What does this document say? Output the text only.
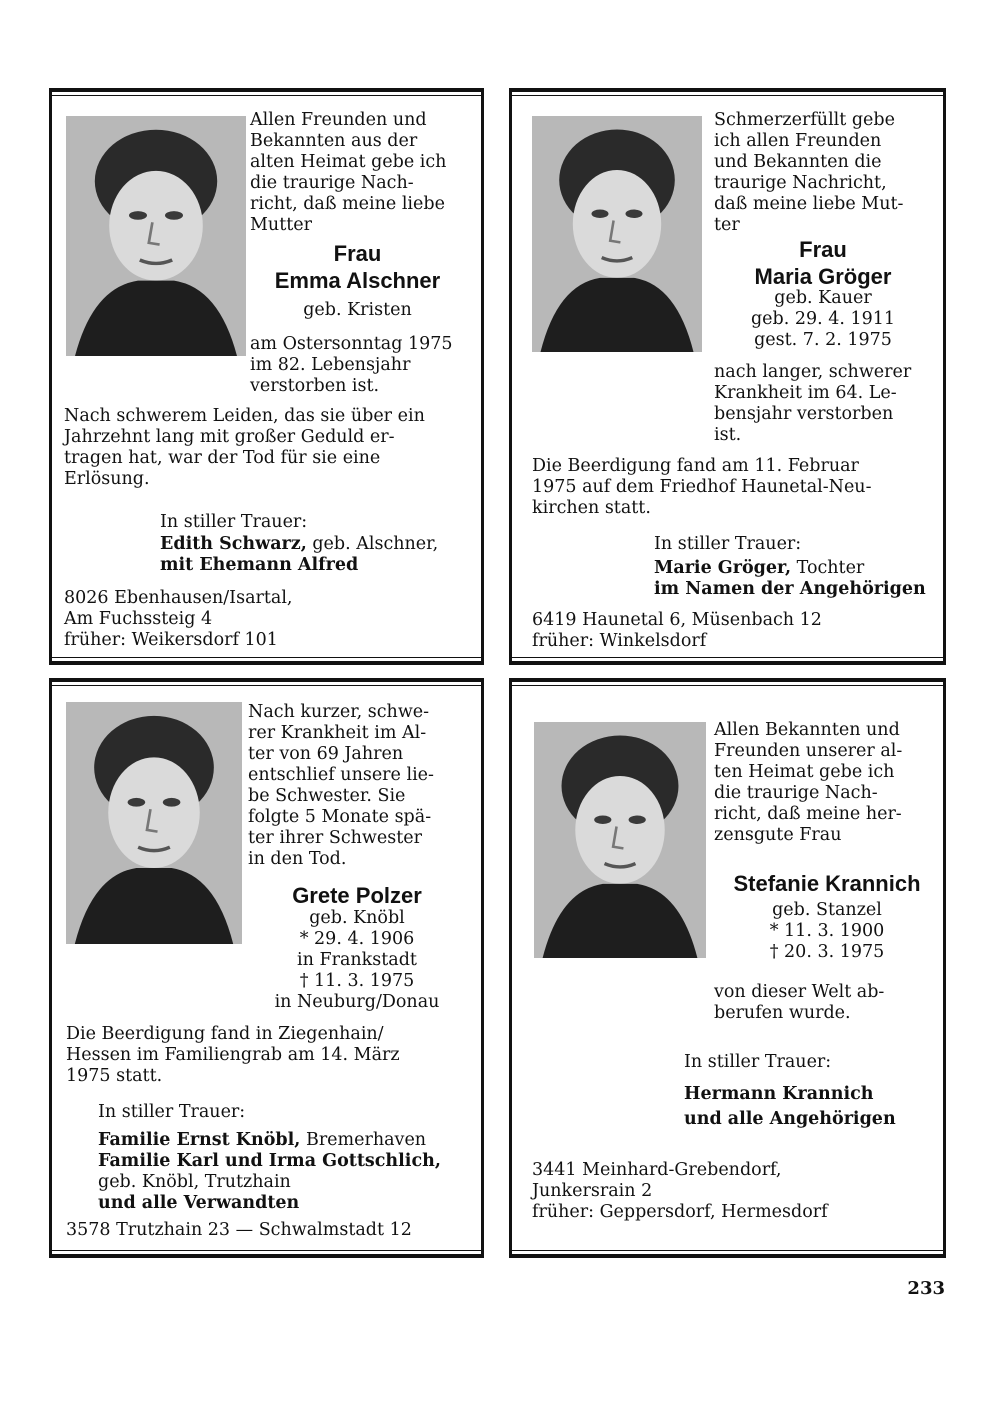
Allen Freunden und
Bekannten aus der
alten Heimat gebe ich
die traurige Nach-
richt, daß meine liebe
Mutter
Frau
Emma Alschner
geb. Kristen
am Ostersonntag 1975
im 82. Lebensjahr
verstorben ist.
Nach schwerem Leiden, das sie über ein
Jahrzehnt lang mit großer Geduld er-
tragen hat, war der Tod für sie eine
Erlösung.
In stiller Trauer:
Edith Schwarz, geb. Alschner,
mit Ehemann Alfred
8026 Ebenhausen/Isartal,
Am Fuchssteig 4
früher: Weikersdorf 101
Schmerzerfüllt gebe
ich allen Freunden
und Bekannten die
traurige Nachricht,
daß meine liebe Mut-
ter
Frau
Maria Gröger
geb. Kauer
geb. 29. 4. 1911
gest. 7. 2. 1975
nach langer, schwerer
Krankheit im 64. Le-
bensjahr verstorben
ist.
Die Beerdigung fand am 11. Februar
1975 auf dem Friedhof Haunetal-Neu-
kirchen statt.
In stiller Trauer:
Marie Gröger, Tochter
im Namen der Angehörigen
6419 Haunetal 6, Müsenbach 12
früher: Winkelsdorf
Nach kurzer, schwe-
rer Krankheit im Al-
ter von 69 Jahren
entschlief unsere lie-
be Schwester. Sie
folgte 5 Monate spä-
ter ihrer Schwester
in den Tod.
Grete Polzer
geb. Knöbl
* 29. 4. 1906
in Frankstadt
† 11. 3. 1975
in Neuburg/Donau
Die Beerdigung fand in Ziegenhain/
Hessen im Familiengrab am 14. März
1975 statt.
In stiller Trauer:
Familie Ernst Knöbl, Bremerhaven
Familie Karl und Irma Gottschlich,
geb. Knöbl, Trutzhain
und alle Verwandten
3578 Trutzhain 23 — Schwalmstadt 12
Allen Bekannten und
Freunden unserer al-
ten Heimat gebe ich
die traurige Nach-
richt, daß meine her-
zensgute Frau
Stefanie Krannich
geb. Stanzel
* 11. 3. 1900
† 20. 3. 1975
von dieser Welt ab-
berufen wurde.
In stiller Trauer:
Hermann Krannich
und alle Angehörigen
3441 Meinhard-Grebendorf,
Junkersrain 2
früher: Geppersdorf, Hermesdorf
233
